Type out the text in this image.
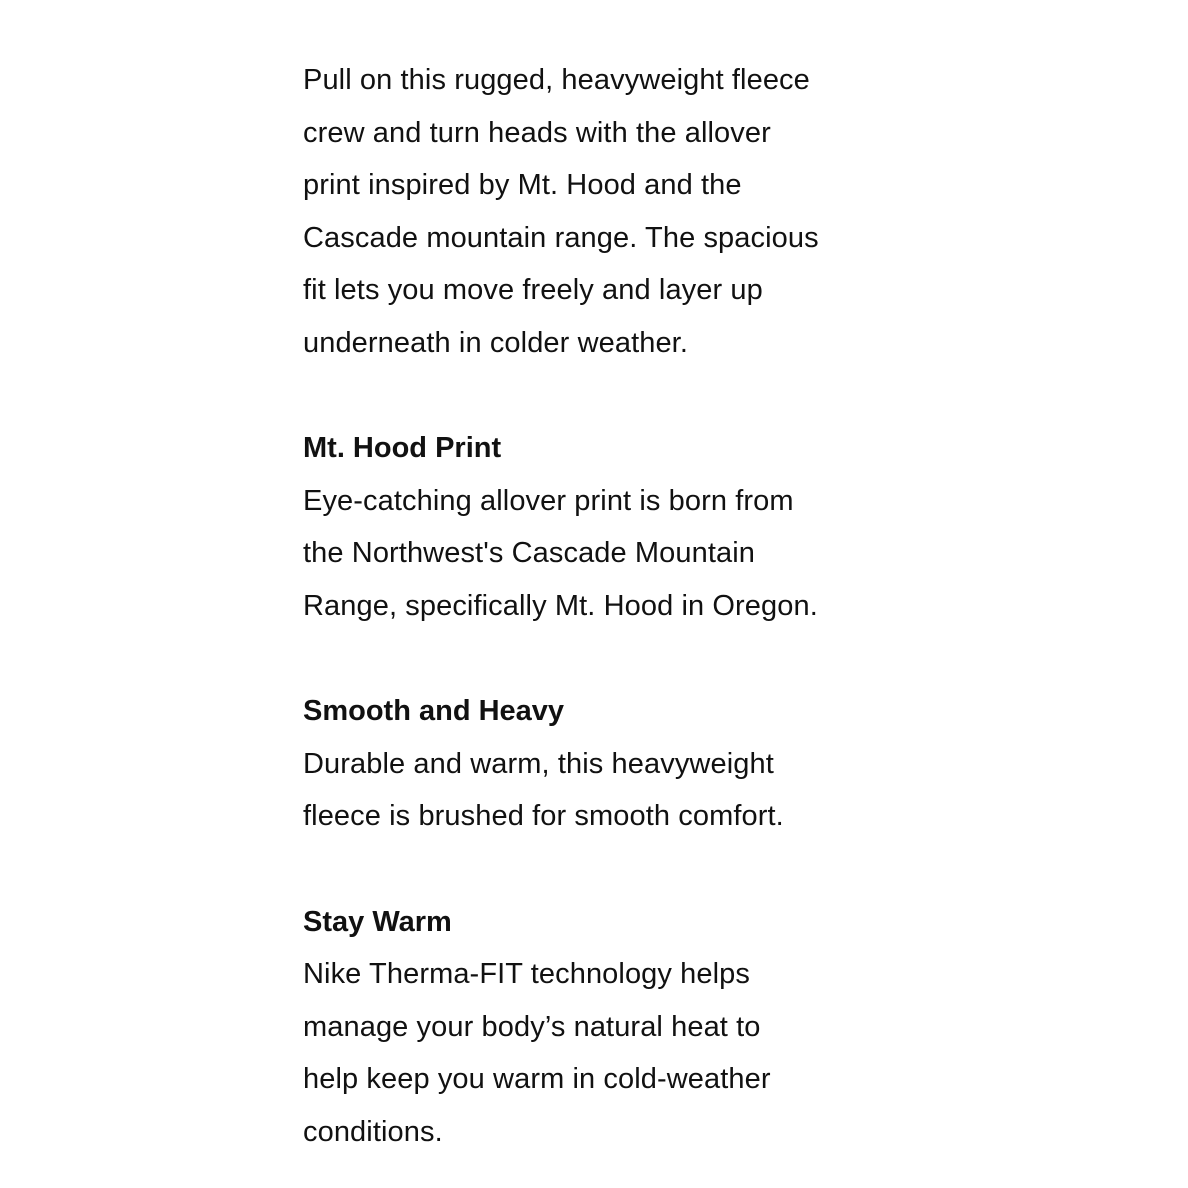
Pull on this rugged, heavyweight fleece
crew and turn heads with the allover
print inspired by Mt. Hood and the
Cascade mountain range. The spacious
fit lets you move freely and layer up
underneath in colder weather.
Mt. Hood Print
Eye-catching allover print is born from
the Northwest's Cascade Mountain
Range, specifically Mt. Hood in Oregon.
Smooth and Heavy
Durable and warm, this heavyweight
fleece is brushed for smooth comfort.
Stay Warm
Nike Therma-FIT technology helps
manage your body’s natural heat to
help keep you warm in cold-weather
conditions.
